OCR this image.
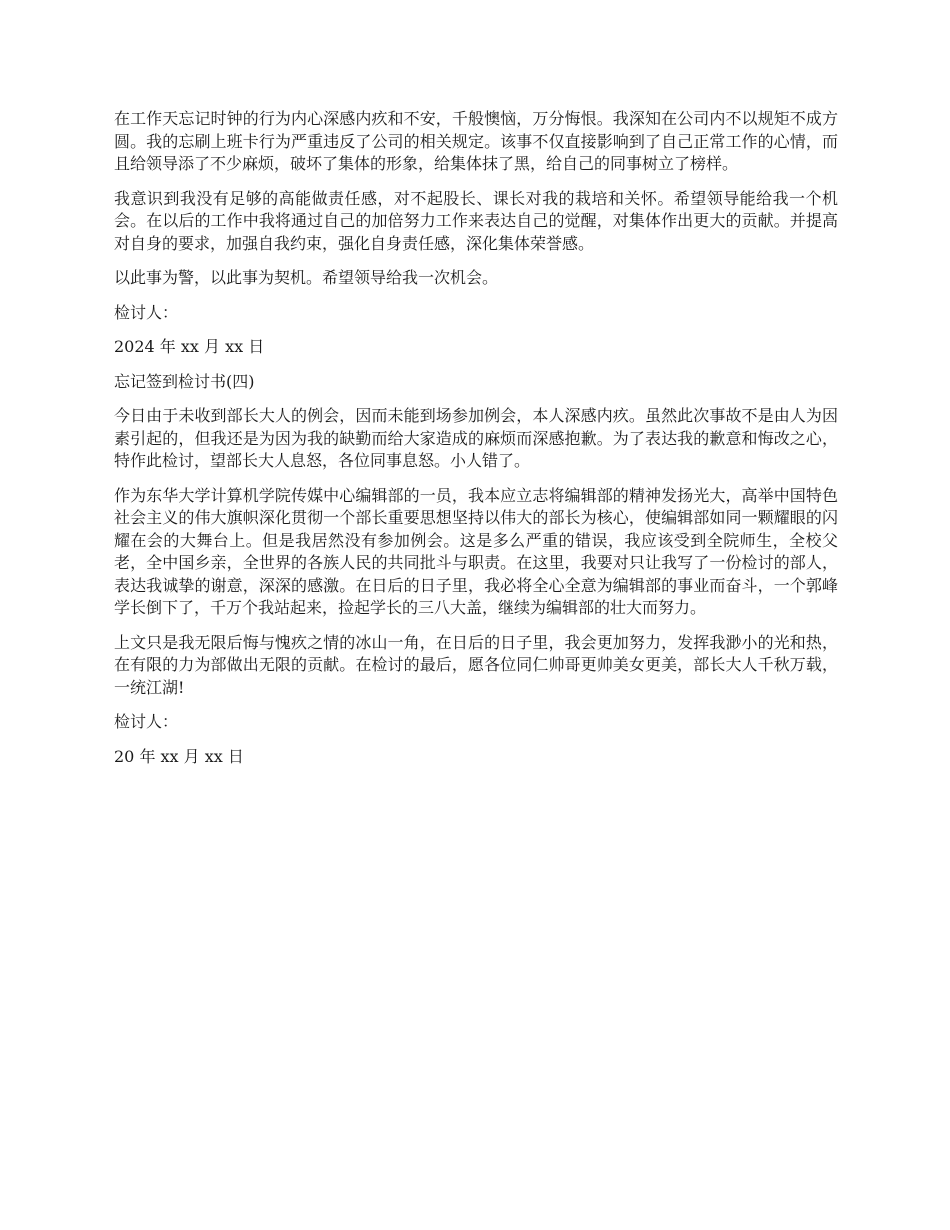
在工作天忘记时钟的行为内心深感内疚和不安，千般懊恼，万分悔恨。我深知在公司内不以规矩不成方圆。我的忘刷上班卡行为严重违反了公司的相关规定。该事不仅直接影响到了自己正常工作的心情，而且给领导添了不少麻烦，破坏了集体的形象，给集体抹了黑，给自己的同事树立了榜样。

我意识到我没有足够的高能做责任感，对不起股长、课长对我的栽培和关怀。希望领导能给我一个机会。在以后的工作中我将通过自己的加倍努力工作来表达自己的觉醒，对集体作出更大的贡献。并提高对自身的要求，加强自我约束，强化自身责任感，深化集体荣誉感。

以此事为警，以此事为契机。希望领导给我一次机会。

检讨人：

2024 年 xx 月 xx 日

忘记签到检讨书(四)

今日由于未收到部长大人的例会，因而未能到场参加例会，本人深感内疚。虽然此次事故不是由人为因素引起的，但我还是为因为我的缺勤而给大家造成的麻烦而深感抱歉。为了表达我的歉意和悔改之心，特作此检讨，望部长大人息怒，各位同事息怒。小人错了。

作为东华大学计算机学院传媒中心编辑部的一员，我本应立志将编辑部的精神发扬光大，高举中国特色社会主义的伟大旗帜深化贯彻一个部长重要思想坚持以伟大的部长为核心，使编辑部如同一颗耀眼的闪耀在会的大舞台上。但是我居然没有参加例会。这是多么严重的错误，我应该受到全院师生，全校父老，全中国乡亲，全世界的各族人民的共同批斗与职责。在这里，我要对只让我写了一份检讨的部人，表达我诚挚的谢意，深深的感激。在日后的日子里，我必将全心全意为编辑部的事业而奋斗，一个郭峰学长倒下了，千万个我站起来，捡起学长的三八大盖，继续为编辑部的壮大而努力。

上文只是我无限后悔与愧疚之情的冰山一角，在日后的日子里，我会更加努力，发挥我渺小的光和热，在有限的力为部做出无限的贡献。在检讨的最后，愿各位同仁帅哥更帅美女更美，部长大人千秋万载，一统江湖!

检讨人：

20 年 xx 月 xx 日
